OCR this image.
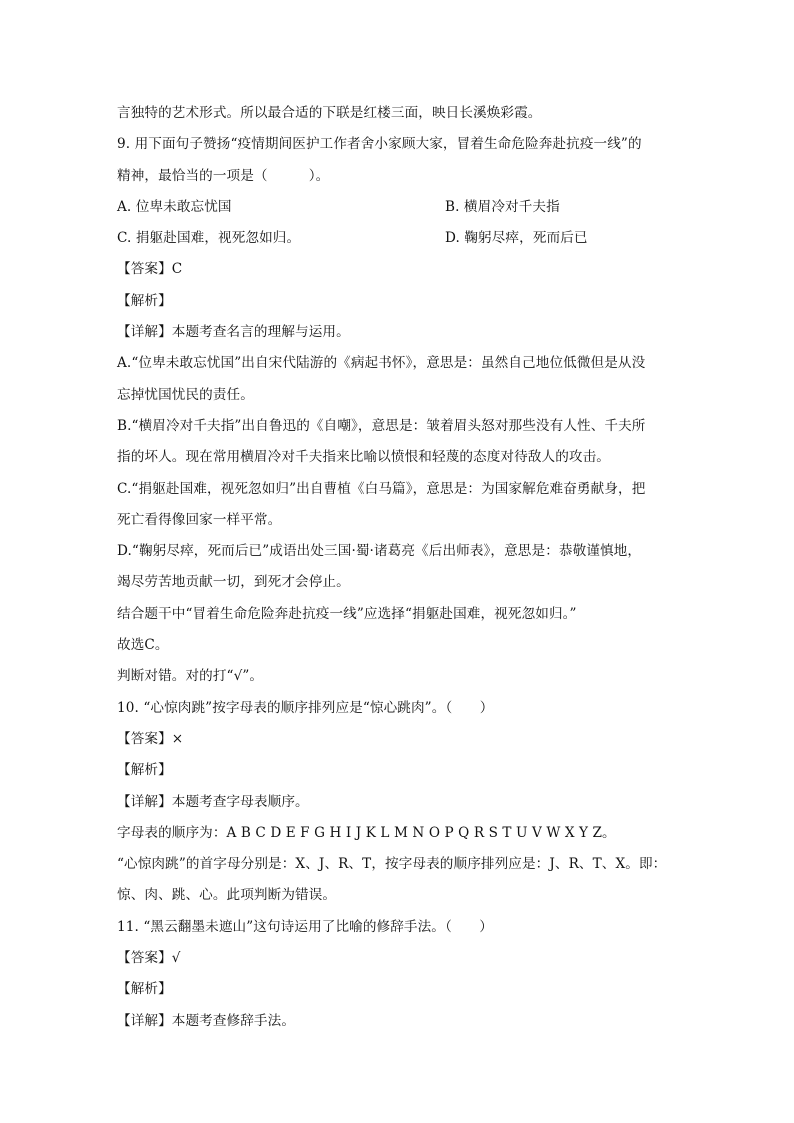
言独特的艺术形式。所以最合适的下联是红楼三面，映日长溪焕彩霞。
9. 用下面句子赞扬“疫情期间医护工作者舍小家顾大家，冒着生命危险奔赴抗疫一线”的
精神，最恰当的一项是（　　　）。
A. 位卑未敢忘忧国	B. 横眉冷对千夫指
C. 捐躯赴国难，视死忽如归。	D. 鞠躬尽瘁，死而后已
【答案】C
【解析】
【详解】本题考查名言的理解与运用。
A.“位卑未敢忘忧国”出自宋代陆游的《病起书怀》，意思是：虽然自己地位低微但是从没
忘掉忧国忧民的责任。
B.“横眉冷对千夫指”出自鲁迅的《自嘲》，意思是：皱着眉头怒对那些没有人性、千夫所
指的坏人。现在常用横眉冷对千夫指来比喻以愤恨和轻蔑的态度对待敌人的攻击。
C.“捐躯赴国难，视死忽如归”出自曹植《白马篇》，意思是：为国家解危难奋勇献身，把
死亡看得像回家一样平常。
D.“鞠躬尽瘁，死而后已”成语出处三国·蜀·诸葛亮《后出师表》，意思是：恭敬谨慎地，
竭尽劳苦地贡献一切，到死才会停止。
结合题干中“冒着生命危险奔赴抗疫一线”应选择“捐躯赴国难，视死忽如归。”
故选C。
判断对错。对的打“√”。
10. “心惊肉跳”按字母表的顺序排列应是“惊心跳肉”。（　　）
【答案】×
【解析】
【详解】本题考查字母表顺序。
字母表的顺序为：A B C D E F G H I J K L M N O P Q R S T U V W X Y Z。
“心惊肉跳”的首字母分别是：X、J、R、T，按字母表的顺序排列应是：J、R、T、X。即：
惊、肉、跳、心。此项判断为错误。
11. “黑云翻墨未遮山”这句诗运用了比喻的修辞手法。（　　）
【答案】√
【解析】
【详解】本题考查修辞手法。
